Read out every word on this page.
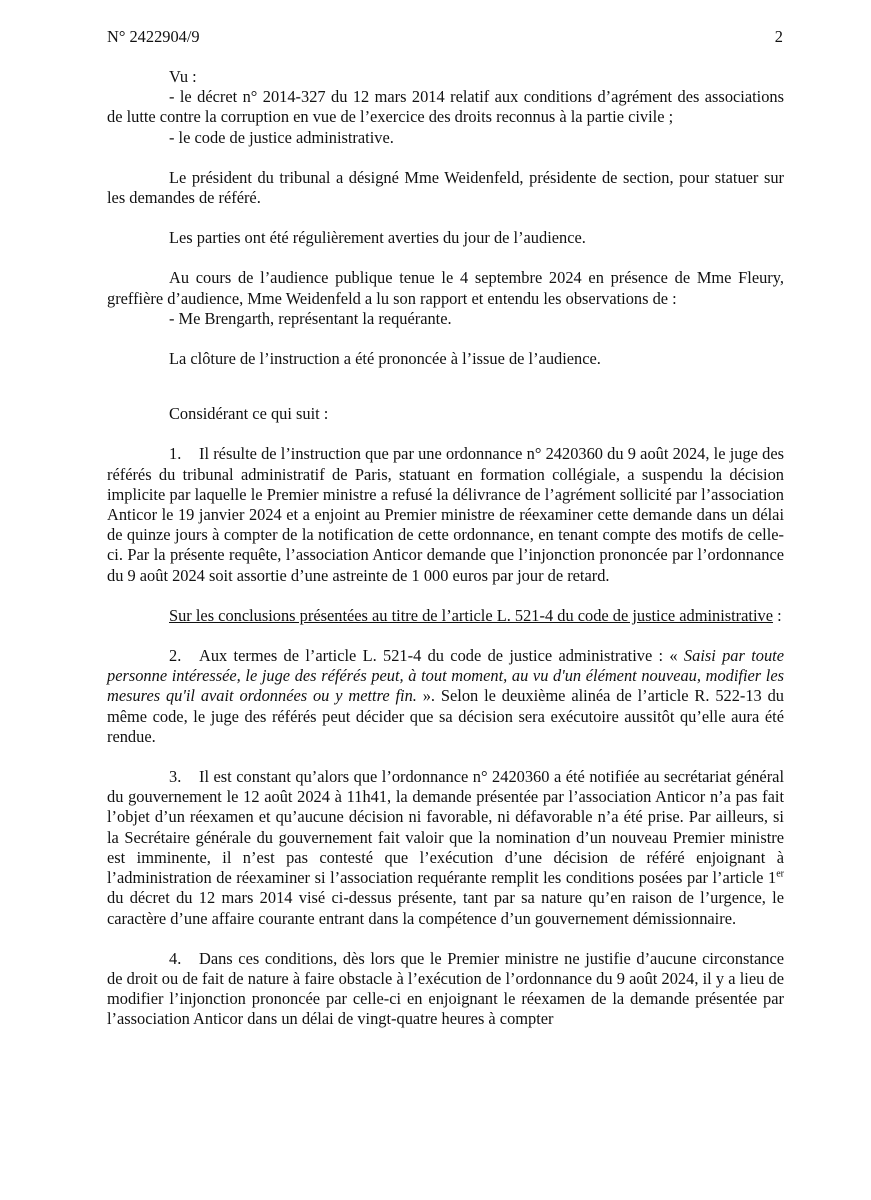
N° 2422904/9	2

Vu :

- le décret n° 2014-327 du 12 mars 2014 relatif aux conditions d’agrément des associations de lutte contre la corruption en vue de l’exercice des droits reconnus à la partie civile ;

- le code de justice administrative.

Le président du tribunal a désigné Mme Weidenfeld, présidente de section, pour statuer sur les demandes de référé.

Les parties ont été régulièrement averties du jour de l’audience.

Au cours de l’audience publique tenue le 4 septembre 2024 en présence de Mme Fleury, greffière d’audience, Mme Weidenfeld a lu son rapport et entendu les observations de :

- Me Brengarth, représentant la requérante.

La clôture de l’instruction a été prononcée à l’issue de l’audience.

Considérant ce qui suit :

1. Il résulte de l’instruction que par une ordonnance n° 2420360 du 9 août 2024, le juge des référés du tribunal administratif de Paris, statuant en formation collégiale, a suspendu la décision implicite par laquelle le Premier ministre a refusé la délivrance de l’agrément sollicité par l’association Anticor le 19 janvier 2024 et a enjoint au Premier ministre de réexaminer cette demande dans un délai de quinze jours à compter de la notification de cette ordonnance, en tenant compte des motifs de celle-ci. Par la présente requête, l’association Anticor demande que l’injonction prononcée par l’ordonnance du 9 août 2024 soit assortie d’une astreinte de 1 000 euros par jour de retard.

Sur les conclusions présentées au titre de l’article L. 521-4 du code de justice administrative :

2. Aux termes de l’article L. 521-4 du code de justice administrative : « Saisi par toute personne intéressée, le juge des référés peut, à tout moment, au vu d'un élément nouveau, modifier les mesures qu'il avait ordonnées ou y mettre fin. ». Selon le deuxième alinéa de l’article R. 522-13 du même code, le juge des référés peut décider que sa décision sera exécutoire aussitôt qu’elle aura été rendue.

3. Il est constant qu’alors que l’ordonnance n° 2420360 a été notifiée au secrétariat général du gouvernement le 12 août 2024 à 11h41, la demande présentée par l’association Anticor n’a pas fait l’objet d’un réexamen et qu’aucune décision ni favorable, ni défavorable n’a été prise. Par ailleurs, si la Secrétaire générale du gouvernement fait valoir que la nomination d’un nouveau Premier ministre est imminente, il n’est pas contesté que l’exécution d’une décision de référé enjoignant à l’administration de réexaminer si l’association requérante remplit les conditions posées par l’article 1er du décret du 12 mars 2014 visé ci-dessus présente, tant par sa nature qu’en raison de l’urgence, le caractère d’une affaire courante entrant dans la compétence d’un gouvernement démissionnaire.

4. Dans ces conditions, dès lors que le Premier ministre ne justifie d’aucune circonstance de droit ou de fait de nature à faire obstacle à l’exécution de l’ordonnance du 9 août 2024, il y a lieu de modifier l’injonction prononcée par celle-ci en enjoignant le réexamen de la demande présentée par l’association Anticor dans un délai de vingt-quatre heures à compter
